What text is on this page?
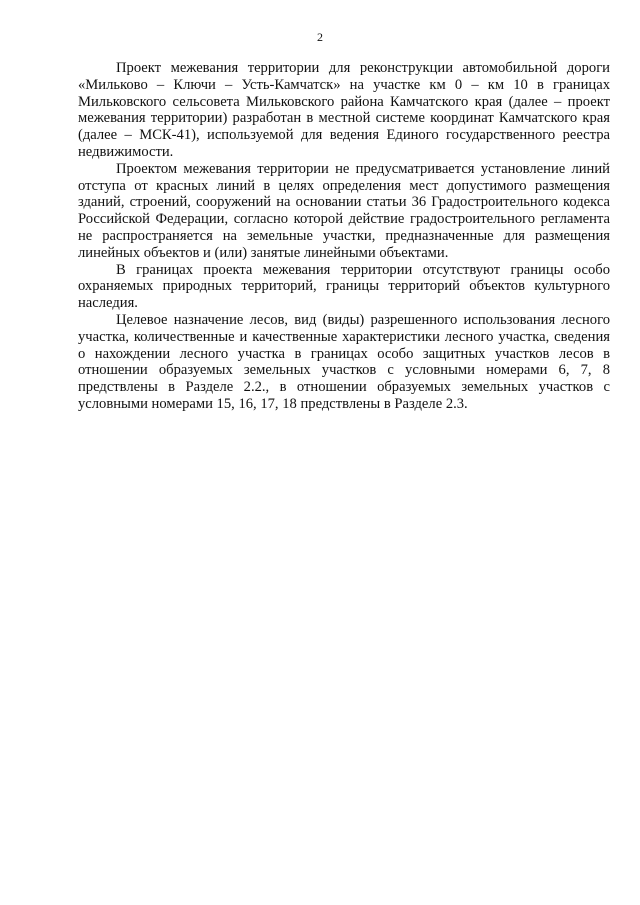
2

Проект межевания территории для реконструкции автомобильной дороги «Мильково – Ключи – Усть-Камчатск» на участке км 0 – км 10 в границах Мильковского сельсовета Мильковского района Камчатского края (далее – проект межевания территории) разработан в местной системе координат Камчатского края (далее – МСК-41), используемой для ведения Единого государственного реестра недвижимости.

Проектом межевания территории не предусматривается установление линий отступа от красных линий в целях определения мест допустимого размещения зданий, строений, сооружений на основании статьи 36 Градостроительного кодекса Российской Федерации, согласно которой действие градостроительного регламента не распространяется на земельные участки, предназначенные для размещения линейных объектов и (или) занятые линейными объектами.

В границах проекта межевания территории отсутствуют границы особо охраняемых природных территорий, границы территорий объектов культурного наследия.

Целевое назначение лесов, вид (виды) разрешенного использования лесного участка, количественные и качественные характеристики лесного участка, сведения о нахождении лесного участка в границах особо защитных участков лесов в отношении образуемых земельных участков с условными номерами 6, 7, 8 предствлены в Разделе 2.2., в отношении образуемых земельных участков с условными номерами 15, 16, 17, 18 предствлены в Разделе 2.3.
